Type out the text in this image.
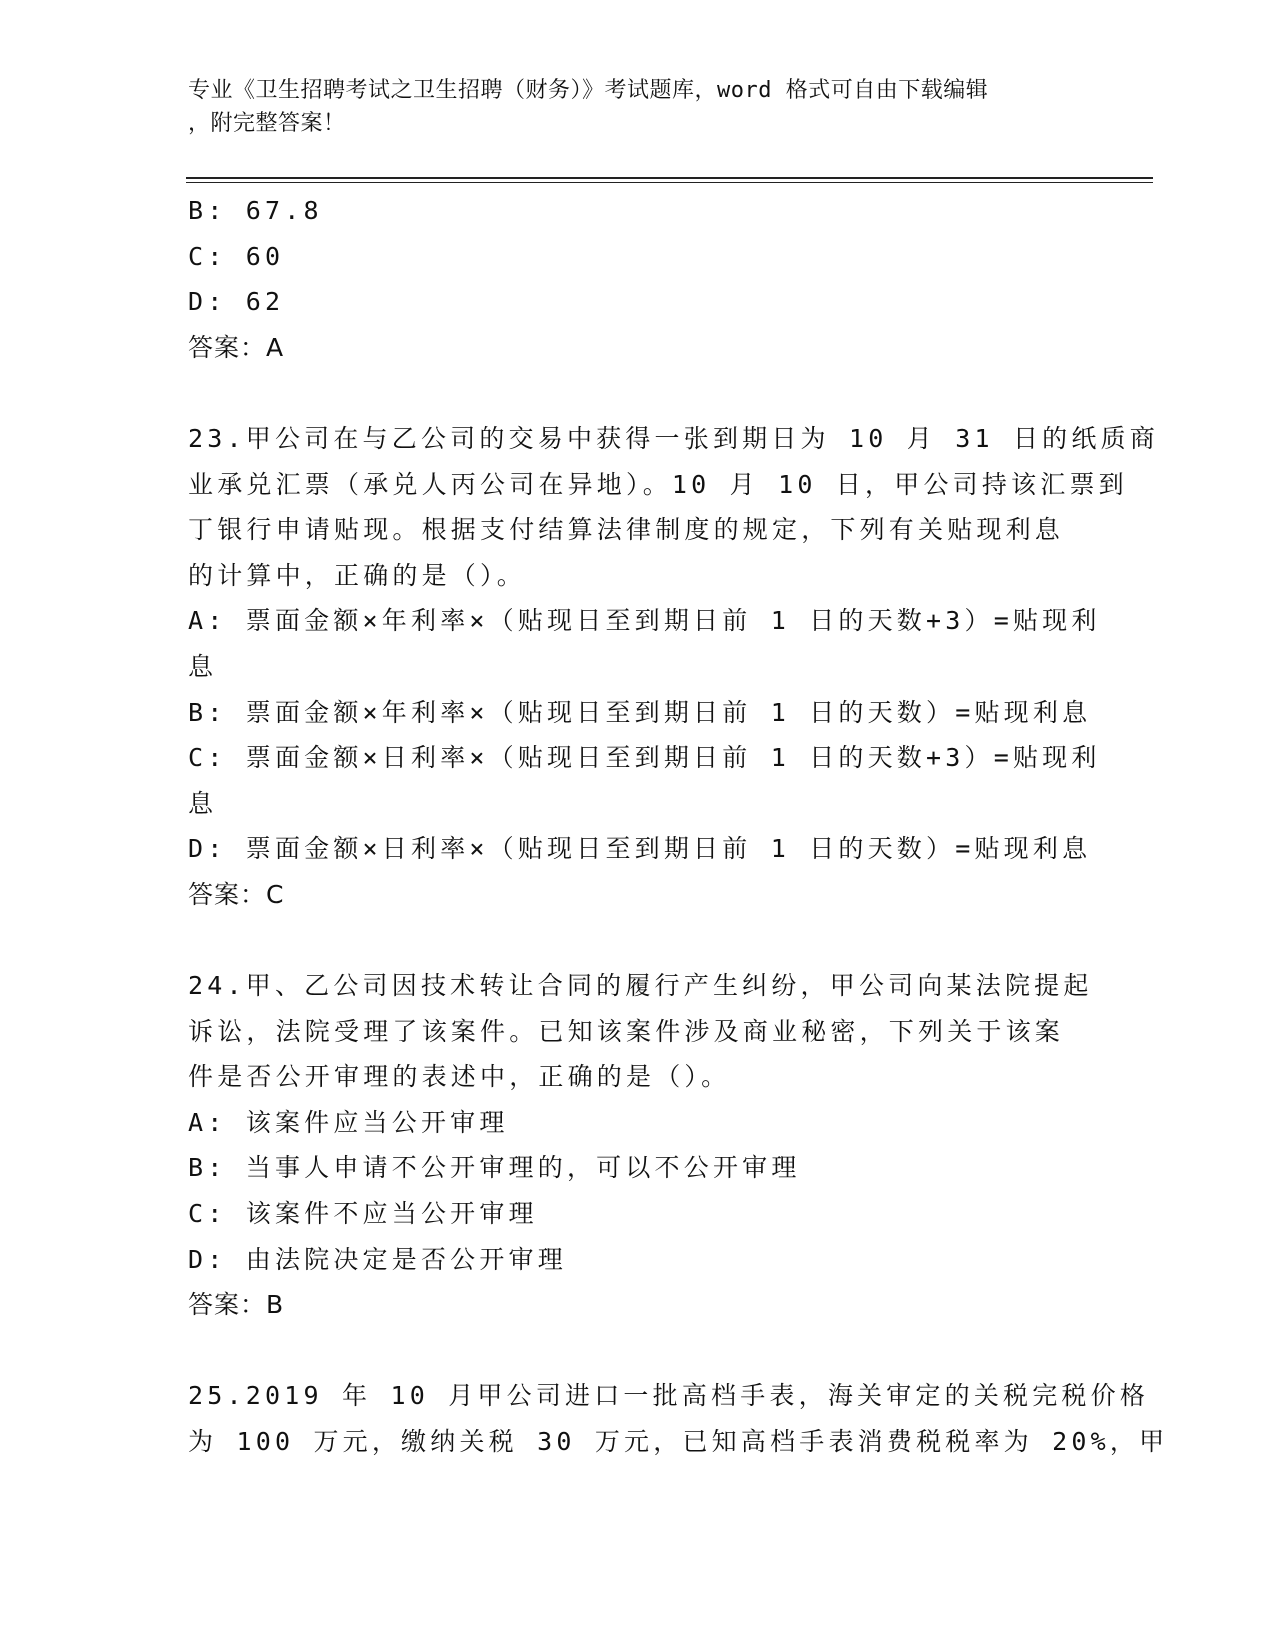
专业《卫生招聘考试之卫生招聘（财务）》考试题库，word 格式可自由下载编辑
，附完整答案！
B: 67.8
C: 60
D: 62
答案：A
23.甲公司在与乙公司的交易中获得一张到期日为 10 月 31 日的纸质商
业承兑汇票（承兑人丙公司在异地）。10 月 10 日，甲公司持该汇票到
丁银行申请贴现。根据支付结算法律制度的规定，下列有关贴现利息
的计算中，正确的是（）。
A: 票面金额×年利率×（贴现日至到期日前 1 日的天数+3）=贴现利
息
B: 票面金额×年利率×（贴现日至到期日前 1 日的天数）=贴现利息
C: 票面金额×日利率×（贴现日至到期日前 1 日的天数+3）=贴现利
息
D: 票面金额×日利率×（贴现日至到期日前 1 日的天数）=贴现利息
答案：C
24.甲、乙公司因技术转让合同的履行产生纠纷，甲公司向某法院提起
诉讼，法院受理了该案件。已知该案件涉及商业秘密，下列关于该案
件是否公开审理的表述中，正确的是（）。
A: 该案件应当公开审理
B: 当事人申请不公开审理的，可以不公开审理
C: 该案件不应当公开审理
D: 由法院决定是否公开审理
答案：B
25.2019 年 10 月甲公司进口一批高档手表，海关审定的关税完税价格
为 100 万元，缴纳关税 30 万元，已知高档手表消费税税率为 20%，甲
